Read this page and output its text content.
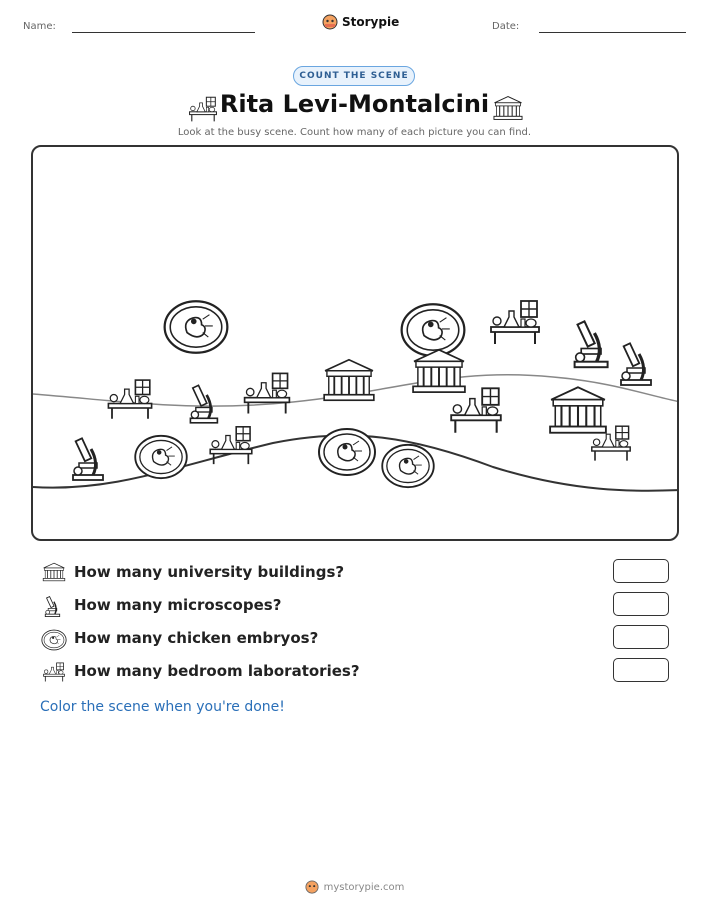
Name:	Storypie	Date:
COUNT THE SCENE
Rita Levi-Montalcini
Look at the busy scene. Count how many of each picture you can find.
How many university buildings?
How many microscopes?
How many chicken embryos?
How many bedroom laboratories?
Color the scene when you're done!
mystorypie.com
